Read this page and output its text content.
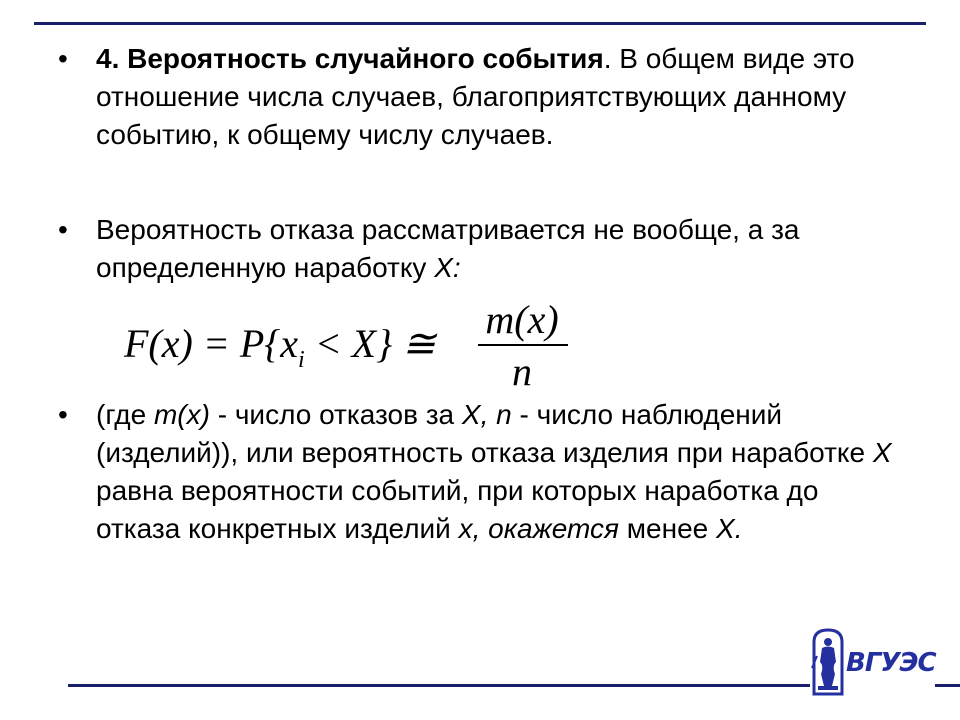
•	4. Вероятность случайного события. В общем виде это отношение числа случаев, благоприятствующих данному событию, к общему числу случаев.
•	Вероятность отказа рассматривается не вообще, а за определенную наработку X:
$F(x) = P\{x_i < X\}$ ≅
m(x)
n
•	(где m(x) - число отказов за X, n - число наблюдений (изделий)), или вероятность отказа изделия при наработке X равна вероятности событий, при которых наработка до отказа конкретных изделий x, окажется менее X.
ВГУЭС
